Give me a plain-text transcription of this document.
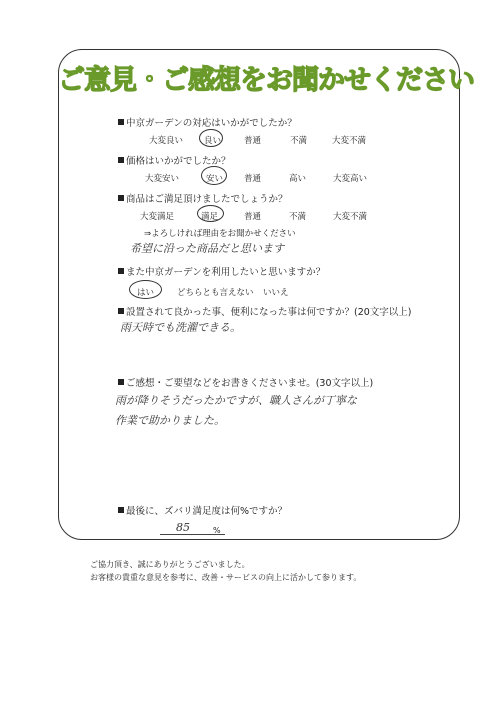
ご意見・ご感想をお聞かせください
中京ガーデンの対応はいかがでしたか？
大変良い 良い	普通	不満	大変不満
価格はいかがでしたか？
大変安い	安い 普通	高い	大変高い
商品はご満足頂けましたでしょうか？
大変満足	満足	普通	不満	大変不満
⇒よろしければ理由をお聞かせください
希望に沿った商品だと思います
また中京ガーデンを利用したいと思いますか？
はい	どちらとも言えない いいえ
設置されて良かった事、便利になった事は何ですか？(20文字以上)
雨天時でも洗濯できる。
ご感想・ご要望などをお書きくださいませ。(30文字以上)
雨が降りそうだったかですが、職人さんが丁寧な
作業で助かりました。
最後に、ズバリ満足度は何%ですか？
85	%
ご協力頂き、誠にありがとうございました。
お客様の貴重な意見を参考に、改善・サービスの向上に活かして参ります。
